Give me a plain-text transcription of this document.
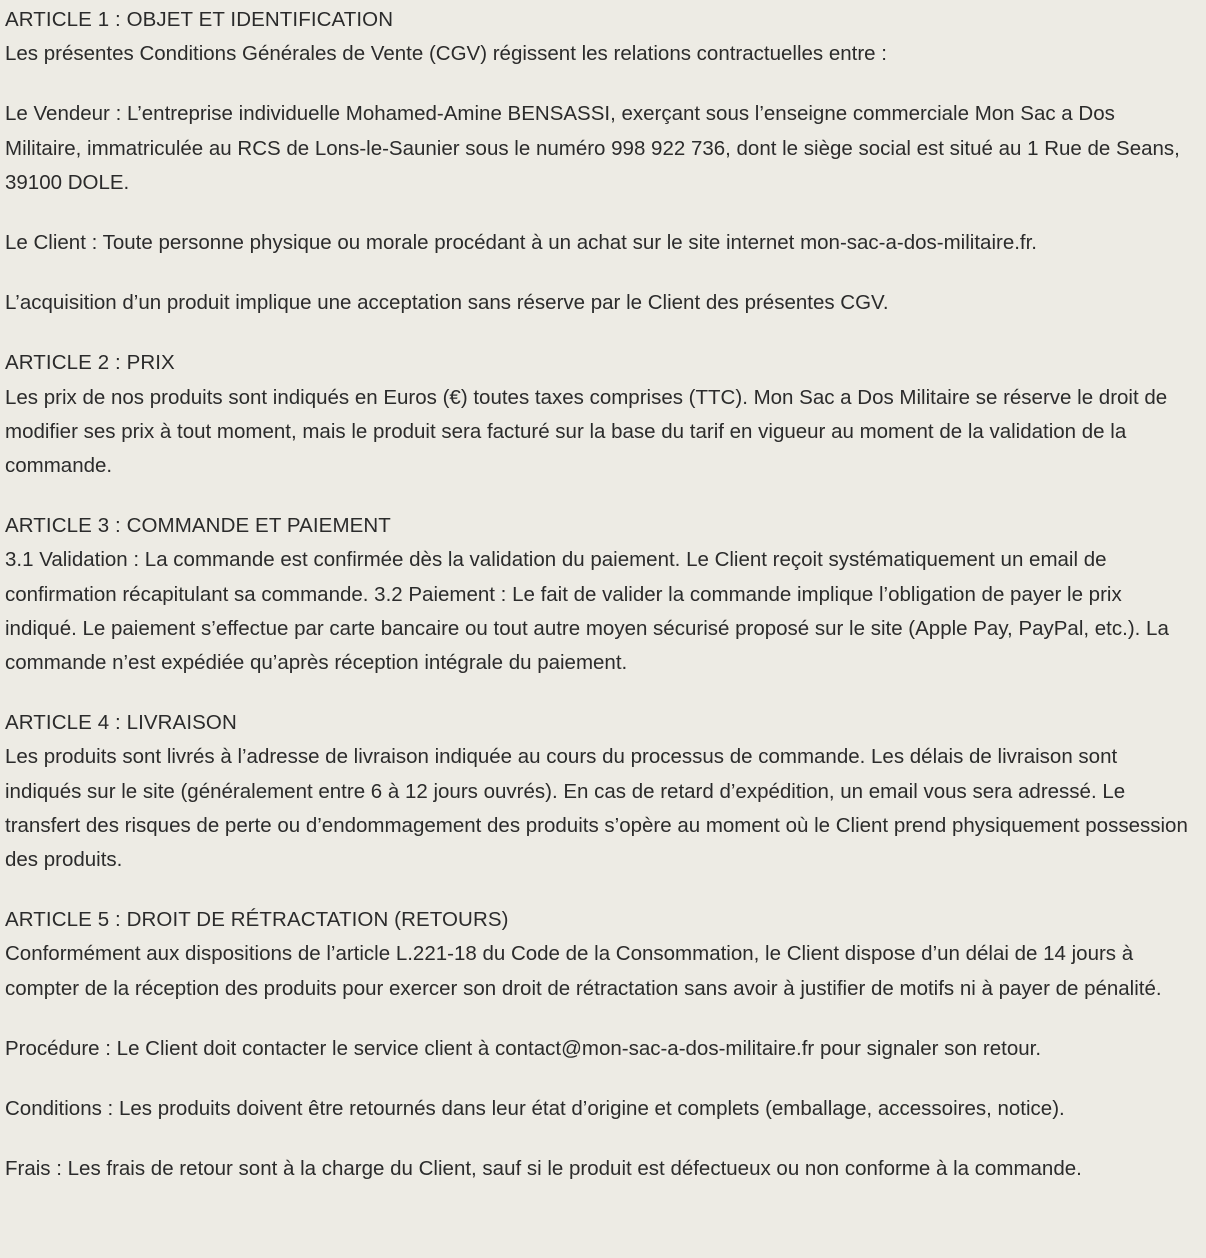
ARTICLE 1 : OBJET ET IDENTIFICATION

Les présentes Conditions Générales de Vente (CGV) régissent les relations contractuelles entre :

Le Vendeur : L’entreprise individuelle Mohamed-Amine BENSASSI, exerçant sous l’enseigne commerciale Mon Sac a Dos Militaire, immatriculée au RCS de Lons-le-Saunier sous le numéro 998 922 736, dont le siège social est situé au 1 Rue de Seans, 39100 DOLE.

Le Client : Toute personne physique ou morale procédant à un achat sur le site internet mon-sac-a-dos-militaire.fr.

L’acquisition d’un produit implique une acceptation sans réserve par le Client des présentes CGV.

ARTICLE 2 : PRIX

Les prix de nos produits sont indiqués en Euros (€) toutes taxes comprises (TTC). Mon Sac a Dos Militaire se réserve le droit de modifier ses prix à tout moment, mais le produit sera facturé sur la base du tarif en vigueur au moment de la validation de la commande.

ARTICLE 3 : COMMANDE ET PAIEMENT

3.1 Validation : La commande est confirmée dès la validation du paiement. Le Client reçoit systématiquement un email de confirmation récapitulant sa commande. 3.2 Paiement : Le fait de valider la commande implique l’obligation de payer le prix indiqué. Le paiement s’effectue par carte bancaire ou tout autre moyen sécurisé proposé sur le site (Apple Pay, PayPal, etc.). La commande n’est expédiée qu’après réception intégrale du paiement.

ARTICLE 4 : LIVRAISON

Les produits sont livrés à l’adresse de livraison indiquée au cours du processus de commande. Les délais de livraison sont indiqués sur le site (généralement entre 6 à 12 jours ouvrés). En cas de retard d’expédition, un email vous sera adressé. Le transfert des risques de perte ou d’endommagement des produits s’opère au moment où le Client prend physiquement possession des produits.

ARTICLE 5 : DROIT DE RÉTRACTATION (RETOURS)

Conformément aux dispositions de l’article L.221-18 du Code de la Consommation, le Client dispose d’un délai de 14 jours à compter de la réception des produits pour exercer son droit de rétractation sans avoir à justifier de motifs ni à payer de pénalité.

Procédure : Le Client doit contacter le service client à contact@mon-sac-a-dos-militaire.fr pour signaler son retour.

Conditions : Les produits doivent être retournés dans leur état d’origine et complets (emballage, accessoires, notice).

Frais : Les frais de retour sont à la charge du Client, sauf si le produit est défectueux ou non conforme à la commande.
